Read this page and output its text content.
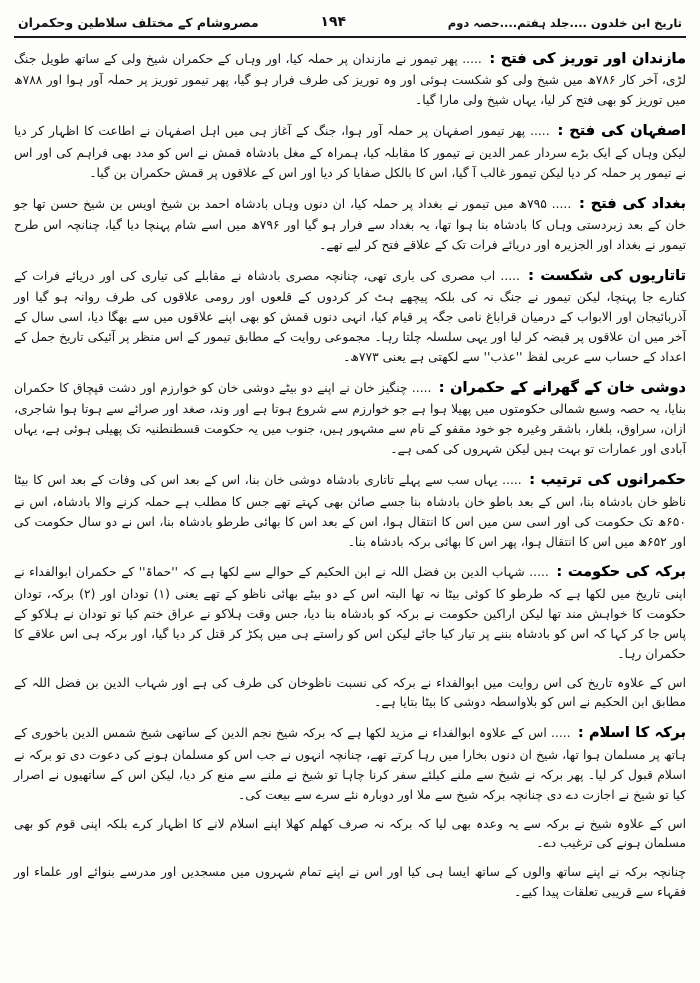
تاریخ ابن خلدون ....جلد ہفتم....حصہ دوم
۱۹۴
مصروشام کے مختلف سلاطین وحکمران

مازندان اور توریز کی فتح : ..... پھر تیمور نے مازندان پر حملہ کیا، اور وہاں کے حکمران شیخ ولی کے ساتھ طویل جنگ لڑی، آخر کار ۷۸۶ھ میں شیخ ولی کو شکست ہوئی اور وہ توریز کی طرف فرار ہو گیا، پھر تیمور توریز پر حملہ آور ہوا اور ۷۸۸ھ میں توریز کو بھی فتح کر لیا، یہاں شیخ ولی مارا گیا۔

اصفہان کی فتح : ..... پھر تیمور اصفہان پر حملہ آور ہوا، جنگ کے آغاز ہی میں اہل اصفہان نے اطاعت کا اظہار کر دیا لیکن وہاں کے ایک بڑے سردار عمر الدین نے تیمور کا مقابلہ کیا، ہمراہ کے مغل بادشاہ قمش نے اس کو مدد بھی فراہم کی اور اس نے تیمور پر حملہ کر دیا لیکن تیمور غالب آ گیا، اس کا بالکل صفایا کر دیا اور اس کے علاقوں پر قمش حکمران بن گیا۔

بغداد کی فتح : ..... ۷۹۵ھ میں تیمور نے بغداد پر حملہ کیا، ان دنوں وہاں بادشاہ احمد بن شیخ اویس بن شیخ حسن تھا جو خان کے بعد زبردستی وہاں کا بادشاہ بنا ہوا تھا، یہ بغداد سے فرار ہو گیا اور ۷۹۶ھ میں اسے شام پہنچا دیا گیا، چنانچہ اس طرح تیمور نے بغداد اور الجزیرہ اور دریائے فرات تک کے علاقے فتح کر لیے تھے۔

تاتاریوں کی شکست : ..... اب مصری کی باری تھی، چنانچہ مصری بادشاہ نے مقابلے کی تیاری کی اور دریائے فرات کے کنارے جا پہنچا، لیکن تیمور نے جنگ نہ کی بلکہ پیچھے ہٹ کر کردوں کے قلعوں اور رومی علاقوں کی طرف روانہ ہو گیا اور آذربائیجان اور الابواب کے درمیان قراباغ نامی جگہ پر قیام کیا، انہی دنوں قمش کو بھی اپنے علاقوں میں سے بھگا دیا، اسی سال کے آخر میں ان علاقوں پر قبضہ کر لیا اور یہی سلسلہ چلتا رہا۔ مجموعی روایت کے مطابق تیمور کے اس منظر پر آئیکی تاریخ جمل کے اعداد کے حساب سے عربی لفظ ''عذب'' سے لکھتی ہے یعنی ۷۷۳ھ۔

دوشی خان کے گھرانے کے حکمران : ..... چنگیز خان نے اپنے دو بیٹے دوشی خان کو خوارزم اور دشت قپچاق کا حکمران بنایا، یہ حصہ وسیع شمالی حکومتوں میں پھیلا ہوا ہے جو خوارزم سے شروع ہوتا ہے اور وند، صغد اور صرائے سے ہوتا ہوا شاجری، ازان، سراوق، بلغار، باشقر وغیرہ جو خود مقفو کے نام سے مشہور ہیں، جنوب میں یہ حکومت قسطنطنیہ تک پھیلی ہوئی ہے، یہاں آبادی اور عمارات تو بہت ہیں لیکن شہروں کی کمی ہے۔

حکمرانوں کی ترتیب : ..... یہاں سب سے پہلے تاتاری بادشاہ دوشی خان بنا، اس کے بعد اس کی وفات کے بعد اس کا بیٹا ناظو خان بادشاہ بنا، اس کے بعد باطو خان بادشاہ بنا جسے صائن بھی کہتے تھے جس کا مطلب ہے حملہ کرنے والا بادشاہ، اس نے ۶۵۰ھ تک حکومت کی اور اسی سن میں اس کا انتقال ہوا، اس کے بعد اس کا بھائی طرطو بادشاہ بنا، اس نے دو سال حکومت کی اور ۶۵۲ھ میں اس کا انتقال ہوا، پھر اس کا بھائی برکہ بادشاہ بنا۔

برکہ کی حکومت : ..... شہاب الدین بن فضل اللہ نے ابن الحکیم کے حوالے سے لکھا ہے کہ ''حماۃ'' کے حکمران ابوالفداء نے اپنی تاریخ میں لکھا ہے کہ طرطو کا کوئی بیٹا نہ تھا البتہ اس کے دو بیٹے بھائی ناظو کے تھے یعنی (۱) تودان اور (۲) برکہ، تودان حکومت کا خواہش مند تھا لیکن اراکین حکومت نے برکہ کو بادشاہ بنا دیا، جس وقت ہلاکو نے عراق ختم کیا تو تودان نے ہلاکو کے پاس جا کر کہا کہ اس کو بادشاہ بننے پر تیار کیا جائے لیکن اس کو راستے ہی میں پکڑ کر قتل کر دیا گیا، اور برکہ ہی اس علاقے کا حکمران رہا۔

اس کے علاوہ تاریخ کی اس روایت میں ابوالفداء نے برکہ کی نسبت ناظوخان کی طرف کی ہے اور شہاب الدین بن فضل اللہ کے مطابق ابن الحکیم نے اس کو بلاواسطہ دوشی کا بیٹا بتایا ہے۔

برکہ کا اسلام : ..... اس کے علاوہ ابوالفداء نے مزید لکھا ہے کہ برکہ شیخ نجم الدین کے ساتھی شیخ شمس الدین باخوری کے ہاتھ پر مسلمان ہوا تھا، شیخ ان دنوں بخارا میں رہا کرتے تھے، چنانچہ انہوں نے جب اس کو مسلمان ہونے کی دعوت دی تو برکہ نے اسلام قبول کر لیا۔ پھر برکہ نے شیخ سے ملنے کیلئے سفر کرنا چاہا تو شیخ نے ملنے سے منع کر دیا، لیکن اس کے ساتھیوں نے اصرار کیا تو شیخ نے اجازت دے دی چنانچہ برکہ شیخ سے ملا اور دوبارہ نئے سرے سے بیعت کی۔

اس کے علاوہ شیخ نے برکہ سے یہ وعدہ بھی لیا کہ برکہ نہ صرف کھلم کھلا اپنے اسلام لانے کا اظہار کرے بلکہ اپنی قوم کو بھی مسلمان ہونے کی ترغیب دے۔

چنانچہ برکہ نے اپنے ساتھ والوں کے ساتھ ایسا ہی کیا اور اس نے اپنے تمام شہروں میں مسجدیں اور مدرسے بنوائے اور علماء اور فقہاء سے قریبی تعلقات پیدا کیے۔
